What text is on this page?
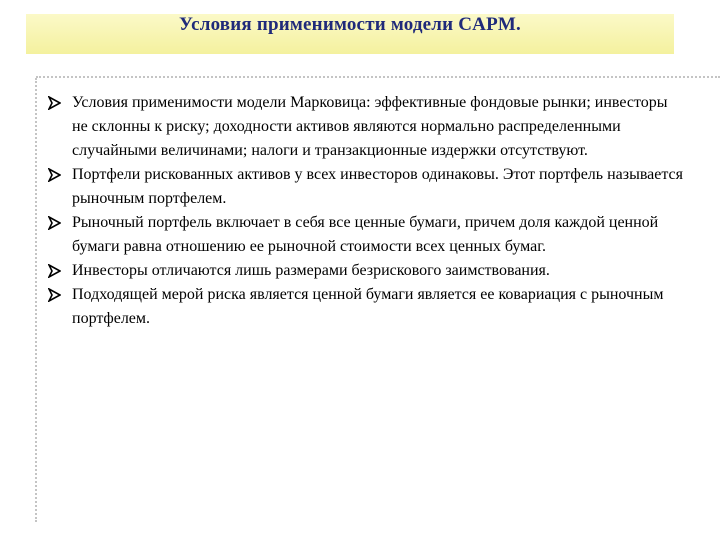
Условия применимости модели CAPM.
Условия применимости модели Марковица: эффективные фондовые рынки; инвесторы не склонны к риску; доходности активов являются нормально распределенными случайными величинами; налоги и транзакционные издержки отсутствуют.
Портфели рискованных активов у всех инвесторов одинаковы. Этот портфель называется рыночным портфелем.
Рыночный портфель включает в себя все ценные бумаги, причем доля каждой ценной бумаги равна отношению ее рыночной стоимости всех ценных бумаг.
Инвесторы отличаются лишь размерами безрискового заимствования.
Подходящей мерой риска является ценной бумаги является ее ковариация с рыночным портфелем.
